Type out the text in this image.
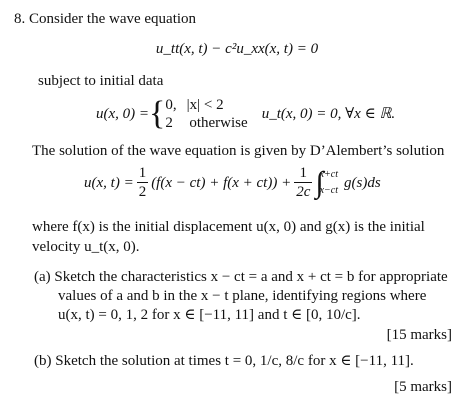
8. Consider the wave equation
u_tt(x, t) − c²u_xx(x, t) = 0
subject to initial data
u(x, 0) = { 0, |x| < 2
2	otherwise
u_t(x, 0) = 0, ∀x ∈ ℝ.
The solution of the wave equation is given by D’Alembert’s solution
u(x, $t) = \frac{1}{2} (f(x - ct) + f(x + ct)) + \frac{1}{2c}$ ∫
x+ct
x−ct g(s)ds
where f(x) is the initial displacement u(x, 0) and g(x) is the initial
velocity u_t(x, 0).
(a) Sketch the characteristics x − ct = a and x + ct = b for appropriate
values of a and b in the x − t plane, identifying regions where
u(x, t) = 0, 1, 2 for x ∈ [−11, 11] and t ∈ [0, 10/c].
[15 marks]
(b) Sketch the solution at times t = 0, 1/c, 8/c for x ∈ [−11, 11].
[5 marks]
